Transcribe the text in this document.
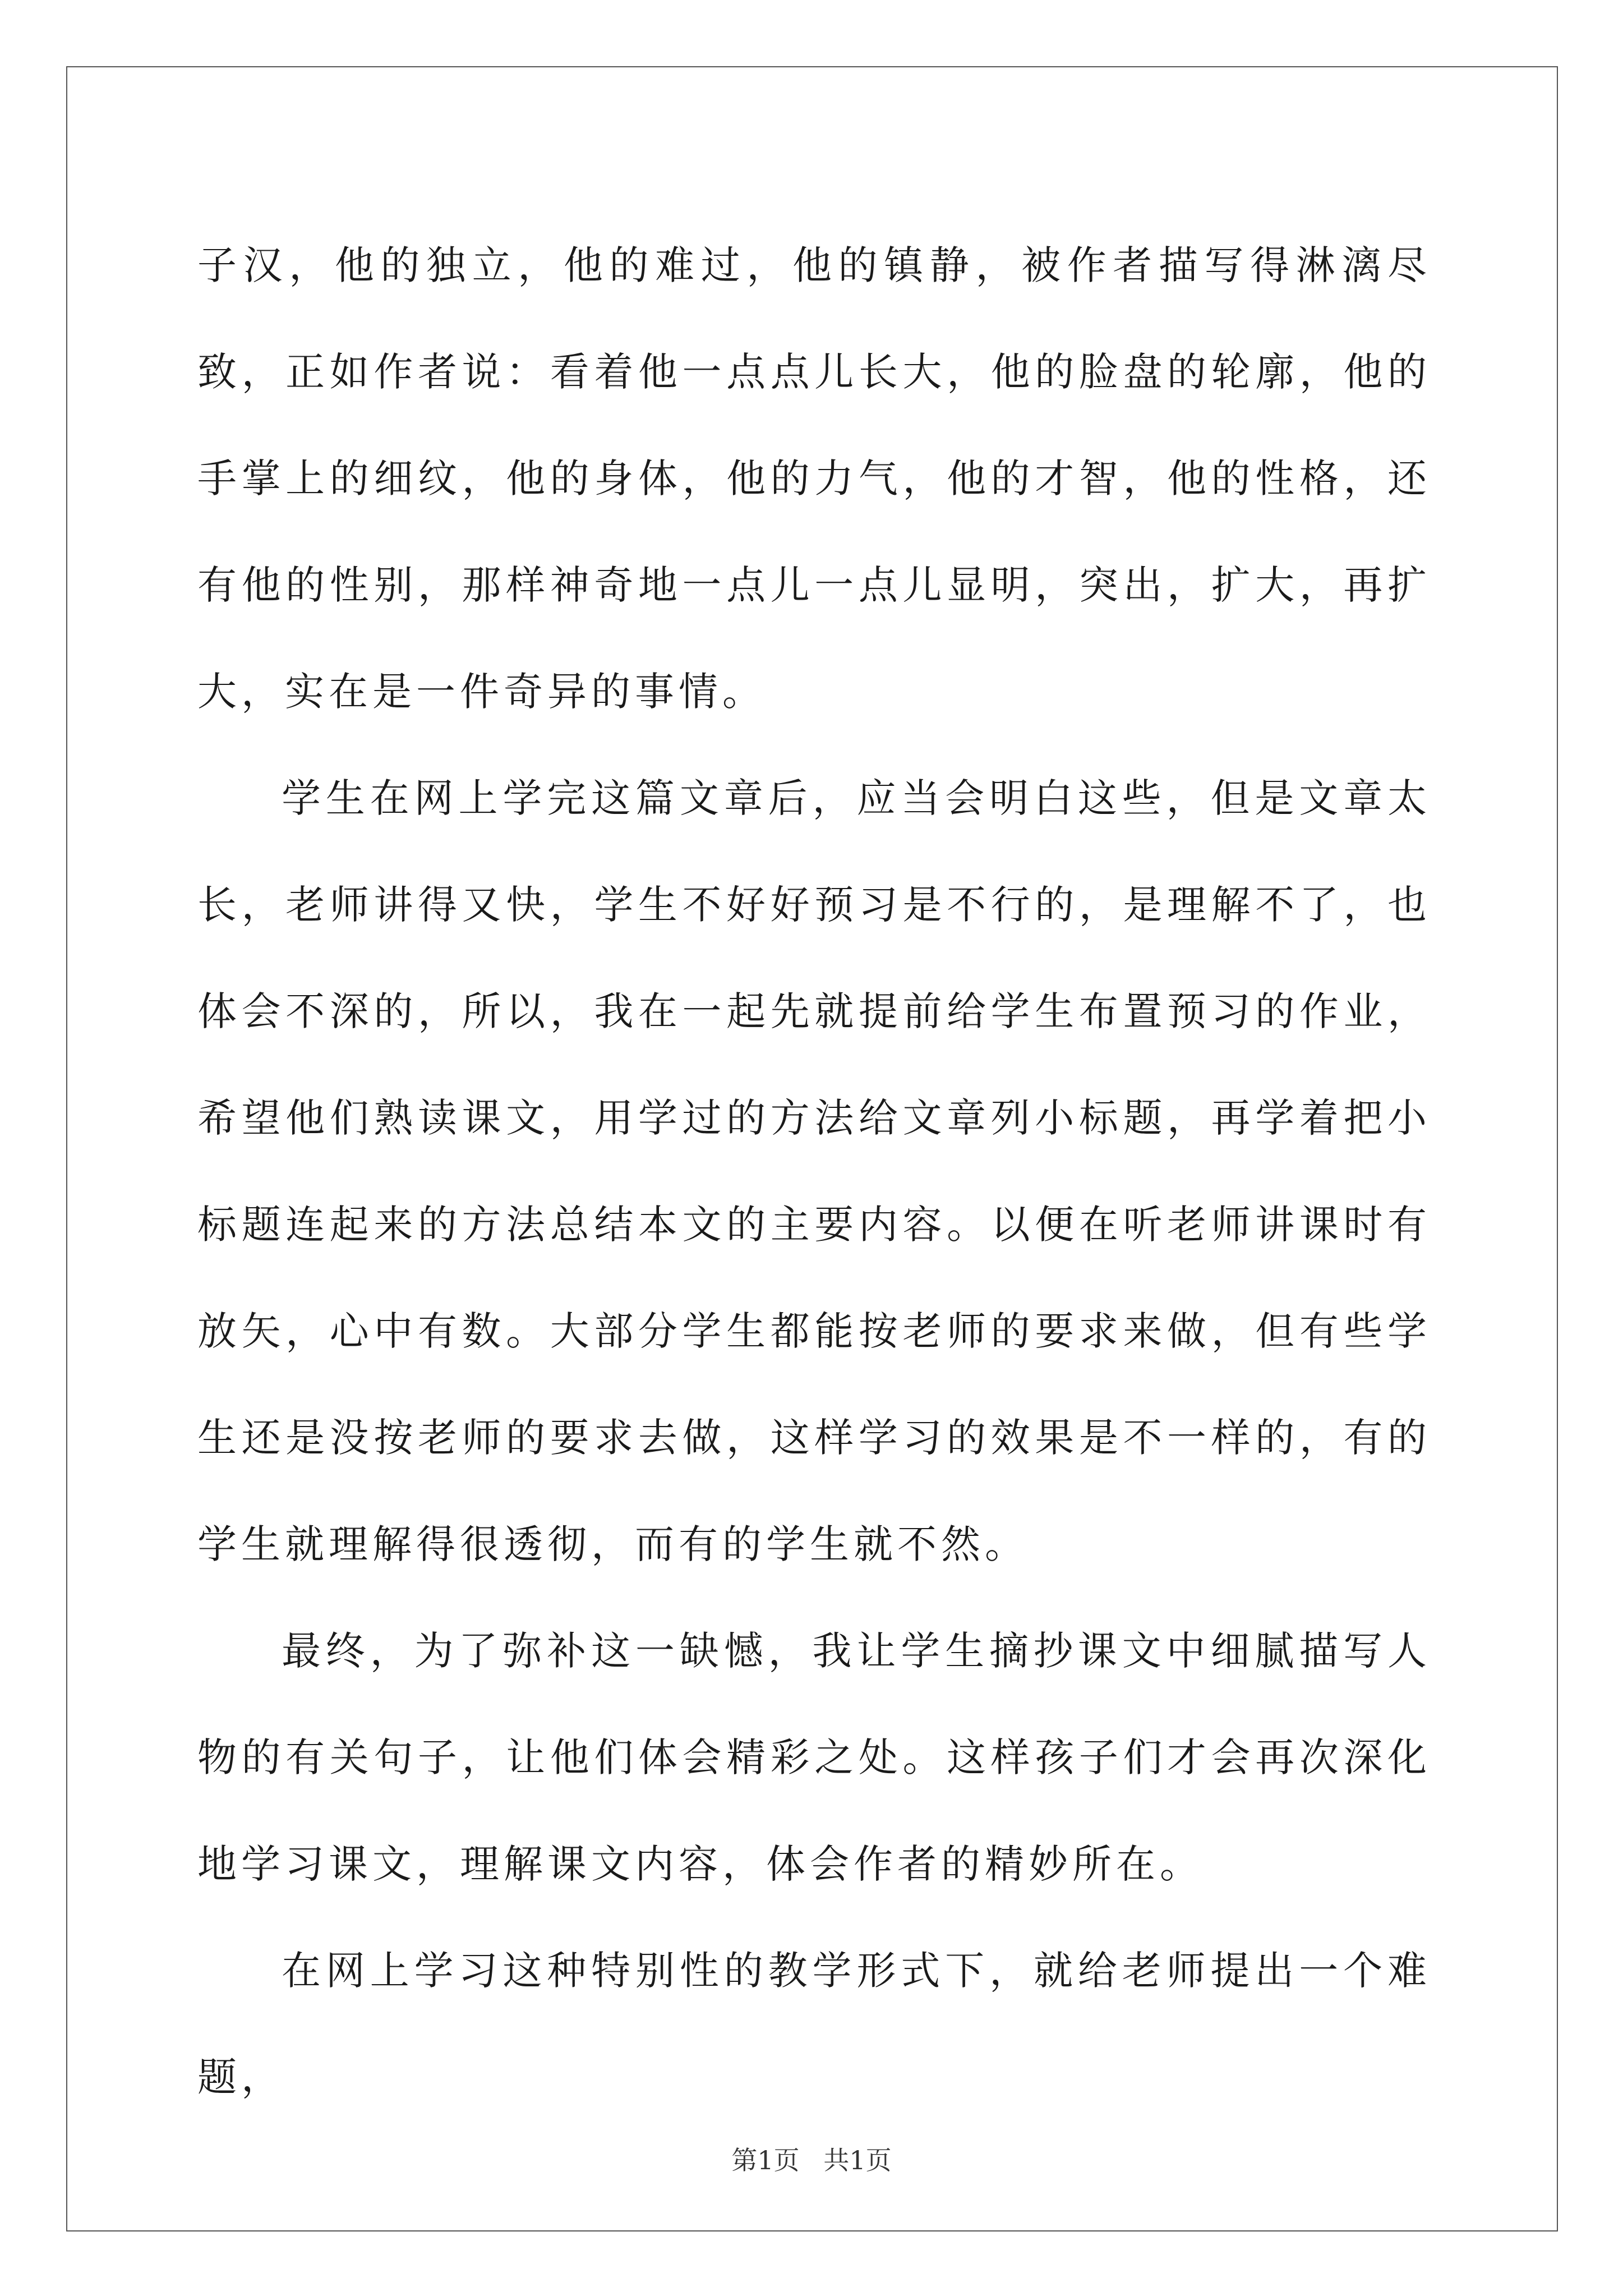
子汉，他的独立，他的难过，他的镇静，被作者描写得淋漓尽致，正如作者说：看着他一点点儿长大，他的脸盘的轮廓，他的手掌上的细纹，他的身体，他的力气，他的才智，他的性格，还有他的性别，那样神奇地一点儿一点儿显明，突出，扩大，再扩大，实在是一件奇异的事情。

学生在网上学完这篇文章后，应当会明白这些，但是文章太长，老师讲得又快，学生不好好预习是不行的，是理解不了，也体会不深的，所以，我在一起先就提前给学生布置预习的作业，希望他们熟读课文，用学过的方法给文章列小标题，再学着把小标题连起来的方法总结本文的主要内容。以便在听老师讲课时有放矢，心中有数。大部分学生都能按老师的要求来做，但有些学生还是没按老师的要求去做，这样学习的效果是不一样的，有的学生就理解得很透彻，而有的学生就不然。

最终，为了弥补这一缺憾，我让学生摘抄课文中细腻描写人物的有关句子，让他们体会精彩之处。这样孩子们才会再次深化地学习课文，理解课文内容，体会作者的精妙所在。

在网上学习这种特别性的教学形式下，就给老师提出一个难题，

第1页 共1页
